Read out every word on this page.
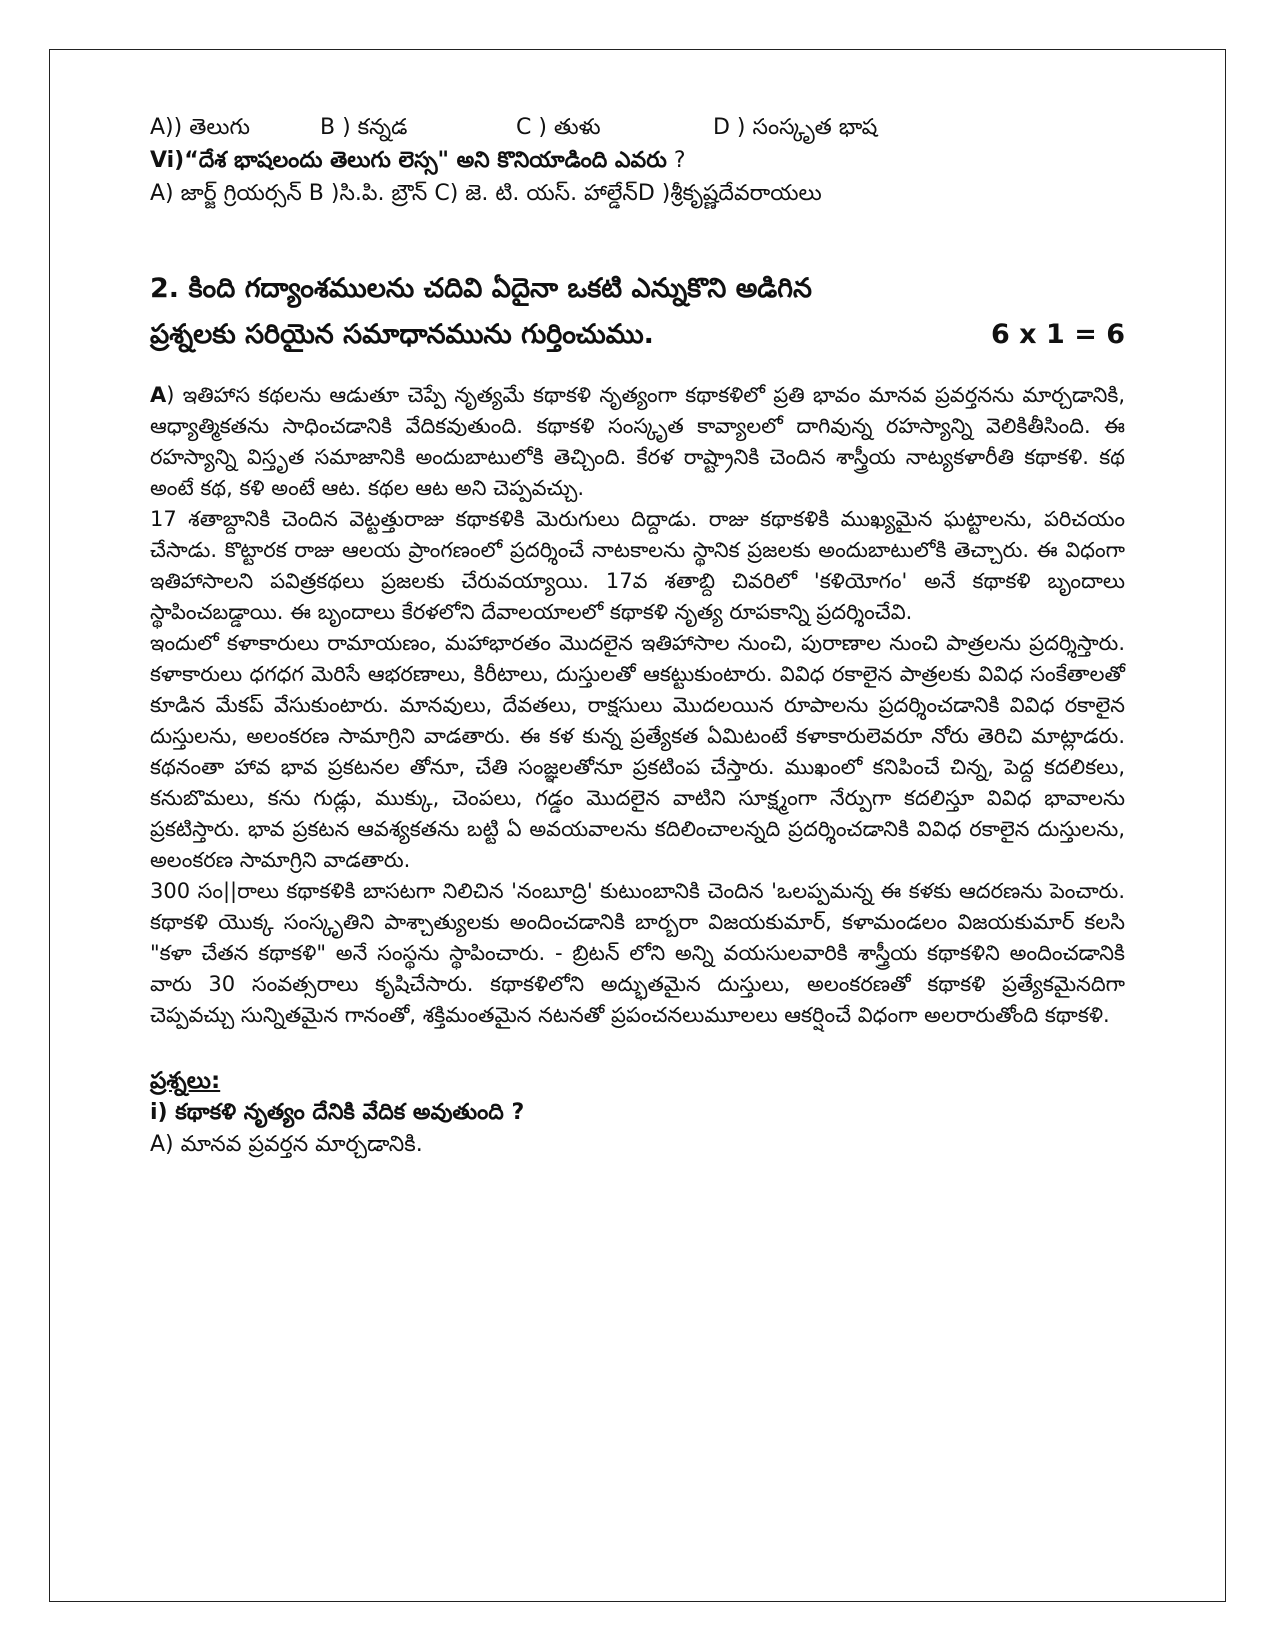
A)) తెలుగు	B ) కన్నడ	C ) తుళు	D ) సంస్కృత భాష
Vi)“దేశ భాషలందు తెలుగు లెస్స" అని కొనియాడింది ఎవరు ?
A) జార్జ్ గ్రియర్సన్ B )సి.పి. బ్రౌన్ C) జె. టి. యస్. హాల్డేన్D )శ్రీకృష్ణదేవరాయలు
2. కింది గద్యాంశములను చదివి ఏదైనా ఒకటి ఎన్నుకొని అడిగిన
ప్రశ్నలకు సరియైన సమాధానమును గుర్తించుము.	6 x 1 = 6

A) ఇతిహాస కథలను ఆడుతూ చెప్పే నృత్యమే కథాకళి నృత్యంగా కథాకళిలో ప్రతి భావం మానవ ప్రవర్తనను మార్చడానికి, ఆధ్యాత్మికతను సాధించడానికి వేదికవుతుంది. కథాకళి సంస్కృత కావ్యాలలో దాగివున్న రహస్యాన్ని వెలికితీసింది. ఈ రహస్యాన్ని విస్తృత సమాజానికి అందుబాటులోకి తెచ్చింది. కేరళ రాష్ట్రానికి చెందిన శాస్త్రీయ నాట్యకళారీతి కథాకళి. కథ అంటే కథ, కళి అంటే ఆట. కథల ఆట అని చెప్పవచ్చు.

17 శతాబ్దానికి చెందిన వెట్టత్తురాజు కథాకళికి మెరుగులు దిద్దాడు. రాజు కథాకళికి ముఖ్యమైన ఘట్టాలను, పరిచయం చేసాడు. కొట్టారక రాజు ఆలయ ప్రాంగణంలో ప్రదర్శించే నాటకాలను స్థానిక ప్రజలకు అందుబాటులోకి తెచ్చారు. ఈ విధంగా ఇతిహాసాలని పవిత్రకథలు ప్రజలకు చేరువయ్యాయి. 17వ శతాబ్ది చివరిలో 'కళియోగం' అనే కథాకళి బృందాలు స్థాపించబడ్డాయి. ఈ బృందాలు కేరళలోని దేవాలయాలలో కథాకళి నృత్య రూపకాన్ని ప్రదర్శించేవి.

ఇందులో కళాకారులు రామాయణం, మహాభారతం మొదలైన ఇతిహాసాల నుంచి, పురాణాల నుంచి పాత్రలను ప్రదర్శిస్తారు. కళాకారులు ధగధగ మెరిసే ఆభరణాలు, కిరీటాలు, దుస్తులతో ఆకట్టుకుంటారు. వివిధ రకాలైన పాత్రలకు వివిధ సంకేతాలతో కూడిన మేకప్ వేసుకుంటారు. మానవులు, దేవతలు, రాక్షసులు మొదలయిన రూపాలను ప్రదర్శించడానికి వివిధ రకాలైన దుస్తులను, అలంకరణ సామాగ్రిని వాడతారు. ఈ కళ కున్న ప్రత్యేకత ఏమిటంటే కళాకారులెవరూ నోరు తెరిచి మాట్లాడరు. కథనంతా హావ భావ ప్రకటనల తోనూ, చేతి సంజ్ఞలతోనూ ప్రకటింప చేస్తారు. ముఖంలో కనిపించే చిన్న, పెద్ద కదలికలు, కనుబొమలు, కను గుడ్లు, ముక్కు, చెంపలు, గడ్డం మొదలైన వాటిని సూక్ష్మంగా నేర్పుగా కదలిస్తూ వివిధ భావాలను ప్రకటిస్తారు. భావ ప్రకటన ఆవశ్యకతను బట్టి ఏ అవయవాలను కదిలించాలన్నది ప్రదర్శించడానికి వివిధ రకాలైన దుస్తులను, అలంకరణ సామాగ్రిని వాడతారు.

300 సం||రాలు కథాకళికి బాసటగా నిలిచిన 'నంబూద్రి' కుటుంబానికి చెందిన 'ఒలప్పమన్న ఈ కళకు ఆదరణను పెంచారు. కథాకళి యొక్క సంస్కృతిని పాశ్చాత్యులకు అందించడానికి బార్బరా విజయకుమార్, కళామండలం విజయకుమార్ కలసి "కళా చేతన కథాకళి" అనే సంస్థను స్థాపించారు. - బ్రిటన్ లోని అన్ని వయసులవారికి శాస్త్రీయ కథాకళిని అందించడానికి వారు 30 సంవత్సరాలు కృషిచేసారు. కథాకళిలోని అద్భుతమైన దుస్తులు, అలంకరణతో కథాకళి ప్రత్యేకమైనదిగా చెప్పవచ్చు సున్నితమైన గానంతో, శక్తిమంతమైన నటనతో ప్రపంచనలుమూలలు ఆకర్షించే విధంగా అలరారుతోంది కథాకళి.

ప్రశ్నలు:
i) కథాకళి నృత్యం దేనికి వేదిక అవుతుంది ?
A) మానవ ప్రవర్తన మార్చడానికి.
